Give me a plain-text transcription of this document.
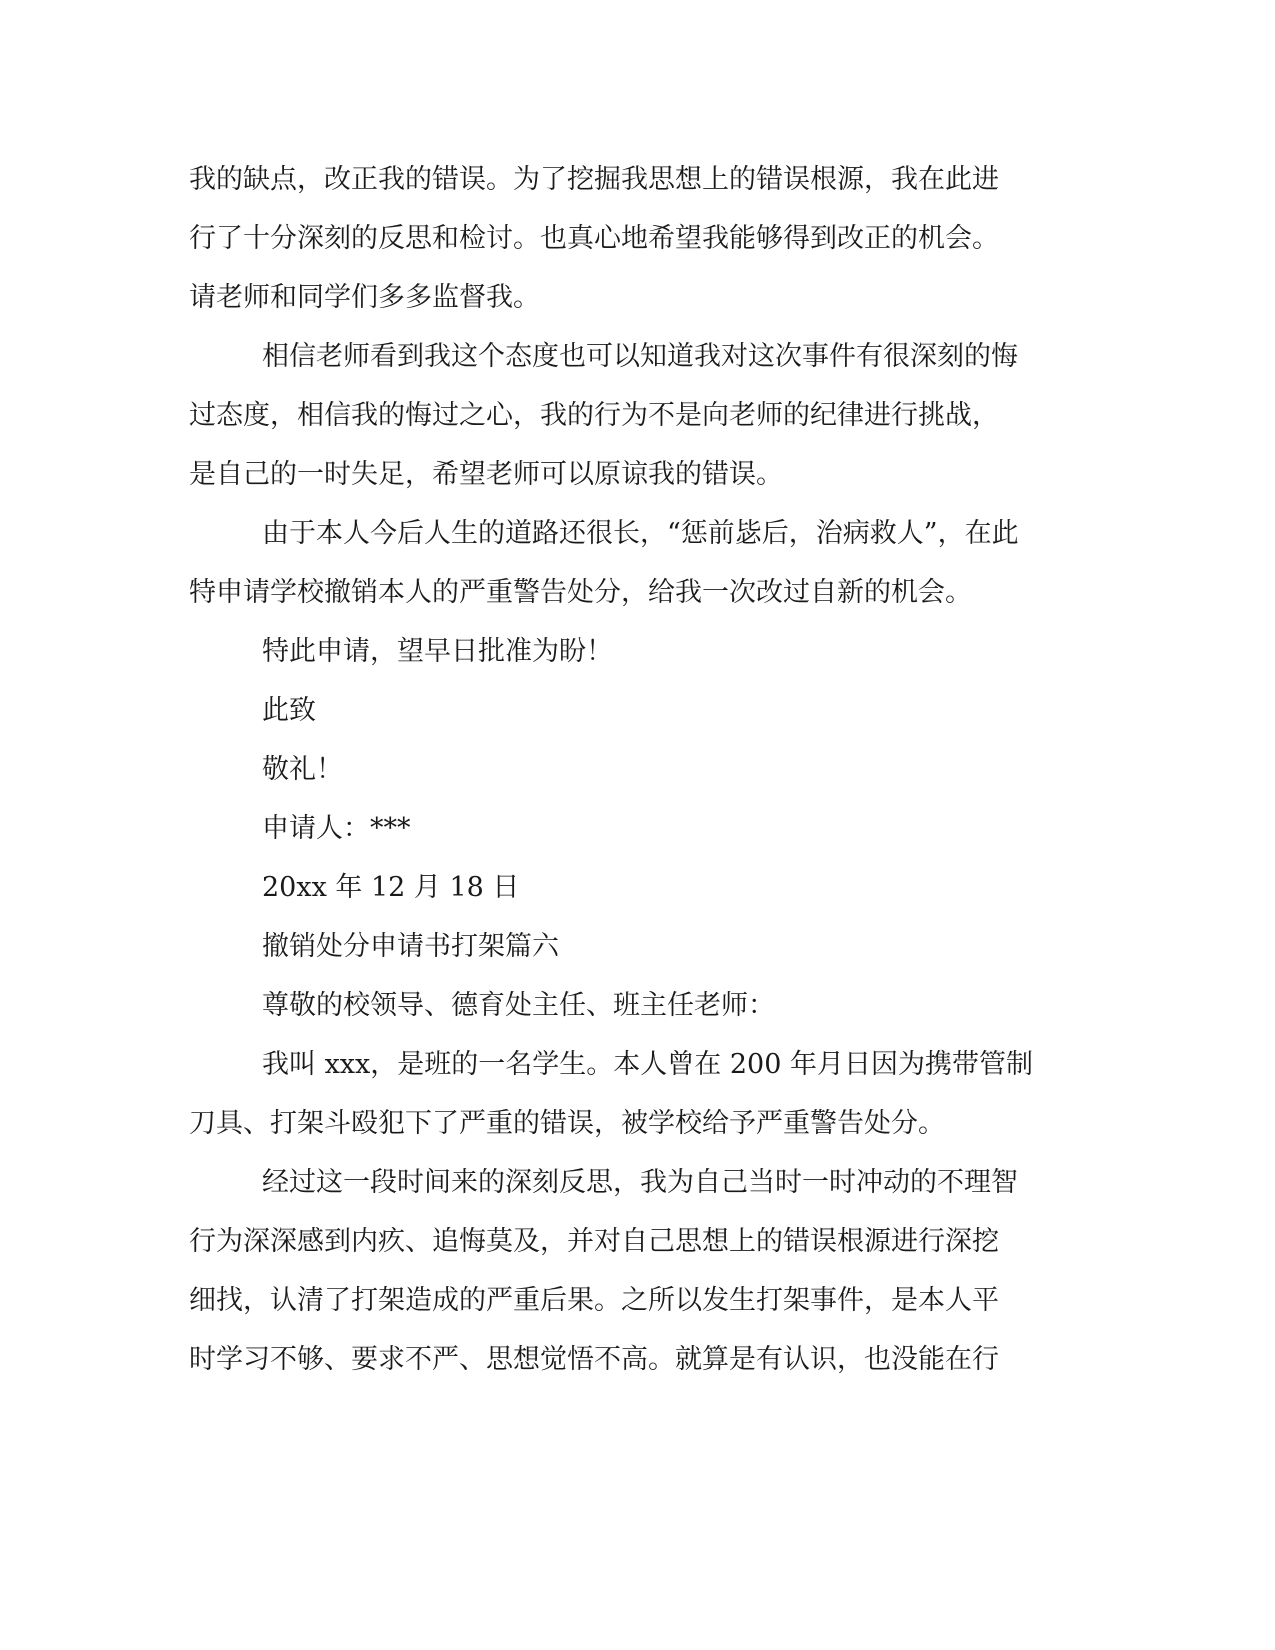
我的缺点，改正我的错误。为了挖掘我思想上的错误根源，我在此进
行了十分深刻的反思和检讨。也真心地希望我能够得到改正的机会。
请老师和同学们多多监督我。
相信老师看到我这个态度也可以知道我对这次事件有很深刻的悔
过态度，相信我的悔过之心，我的行为不是向老师的纪律进行挑战，
是自己的一时失足，希望老师可以原谅我的错误。
由于本人今后人生的道路还很长，“惩前毖后，治病救人”，在此
特申请学校撤销本人的严重警告处分，给我一次改过自新的机会。
特此申请，望早日批准为盼！
此致
敬礼！
申请人：***
20xx 年 12 月 18 日
撤销处分申请书打架篇六
尊敬的校领导、德育处主任、班主任老师：
我叫 xxx，是班的一名学生。本人曾在 200 年月日因为携带管制
刀具、打架斗殴犯下了严重的错误，被学校给予严重警告处分。
经过这一段时间来的深刻反思，我为自己当时一时冲动的不理智
行为深深感到内疚、追悔莫及，并对自己思想上的错误根源进行深挖
细找，认清了打架造成的严重后果。之所以发生打架事件，是本人平
时学习不够、要求不严、思想觉悟不高。就算是有认识，也没能在行
